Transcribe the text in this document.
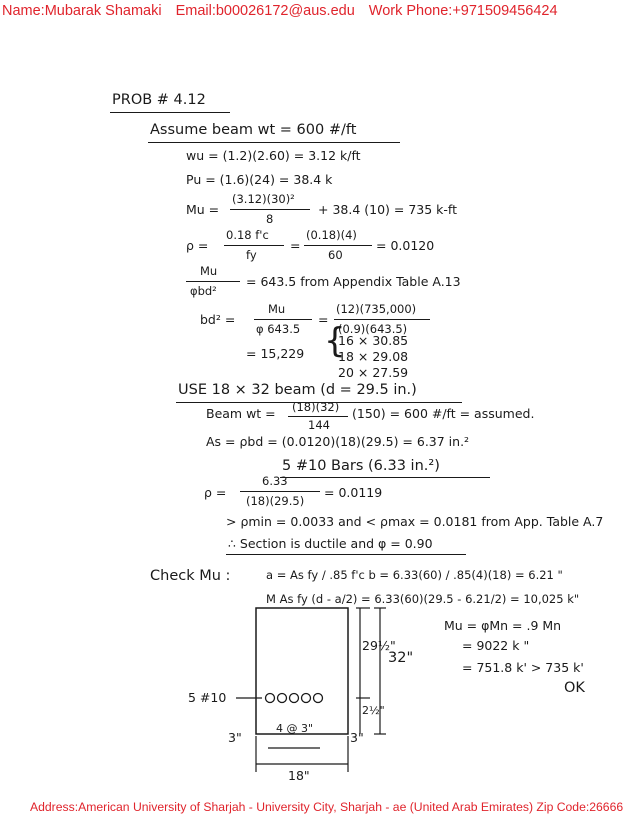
Name:Mubarak Shamaki Email:b00026172@aus.edu Work Phone:+971509456424
PROB # 4.12
Assume beam wt = 600 #/ft
wu = (1.2)(2.60) = 3.12 k/ft
Pu = (1.6)(24) = 38.4 k
Mu =
(3.12)(30)²
8
+ 38.4 (10) = 735 k-ft
ρ =
0.18 f'c
fy
=
(0.18)(4)
60
= 0.0120
Mu
φbd²
= 643.5 from Appendix Table A.13
bd² =
Mu
φ 643.5
=
(12)(735,000)
(0.9)(643.5)
= 15,229 {
16 × 30.85
18 × 29.08
20 × 27.59
USE 18 × 32 beam (d = 29.5 in.)
Beam wt = (18)(32)
144
(150) = 600 #/ft = assumed.
As = ρbd = (0.0120)(18)(29.5) = 6.37 in.²
5 #10 Bars (6.33 in.²)
ρ =
6.33
(18)(29.5)
= 0.0119
> ρmin = 0.0033 and < ρmax = 0.0181 from App. Table A.7
∴ Section is ductile and φ = 0.90
Check Mu :	a = As fy / .85 f'c b = 6.33(60) / .85(4)(18) = 6.21 "
M As fy (d - a/2) = 6.33(60)(29.5 - 6.21/2) = 10,025 k"
Mu = φMn = .9 Mn
= 9022 k "
= 751.8 k' > 735 k'
OK
5 #10
29½"
32"
2½"
3"
4 @ 3"
3"
18"
Address:American University of Sharjah - University City, Sharjah - ae (United Arab Emirates) Zip Code:26666
